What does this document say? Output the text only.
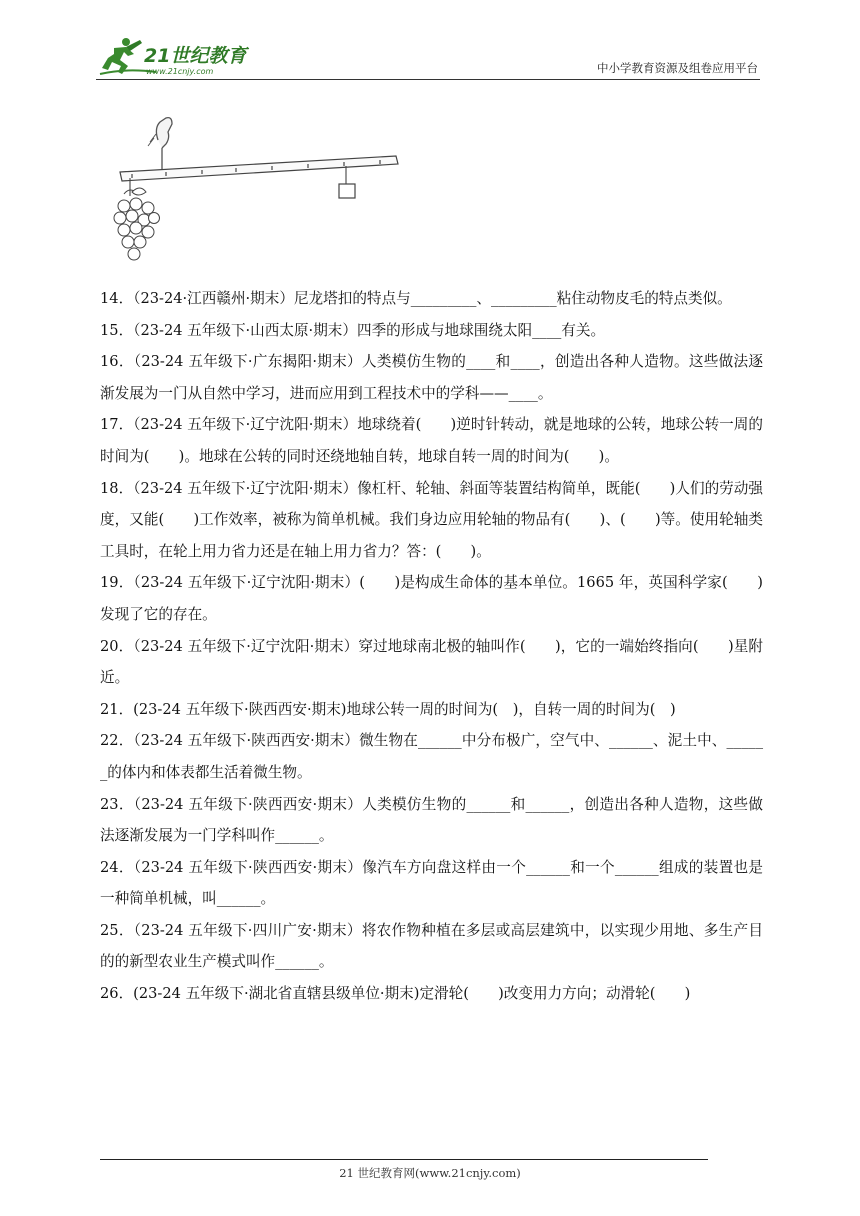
21世纪教育
www.21cnjy.com	中小学教育资源及组卷应用平台

14．（23-24·江西赣州·期末）尼龙塔扣的特点与_________、_________粘住动物皮毛的特点类似。

15．（23-24 五年级下·山西太原·期末）四季的形成与地球围绕太阳____有关。

16．（23-24 五年级下·广东揭阳·期末）人类模仿生物的____和____，创造出各种人造物。这些做法逐渐发展为一门从自然中学习，进而应用到工程技术中的学科——____。

17．（23-24 五年级下·辽宁沈阳·期末）地球绕着(　　)逆时针转动，就是地球的公转，地球公转一周的时间为(　　)。地球在公转的同时还绕地轴自转，地球自转一周的时间为(　　)。

18．（23-24 五年级下·辽宁沈阳·期末）像杠杆、轮轴、斜面等装置结构简单，既能(　　)人们的劳动强度，又能(　　)工作效率，被称为简单机械。我们身边应用轮轴的物品有(　　)、(　　)等。使用轮轴类工具时，在轮上用力省力还是在轴上用力省力？答：(　　)。

19．（23-24 五年级下·辽宁沈阳·期末）(　　)是构成生命体的基本单位。1665 年，英国科学家(　　)发现了它的存在。

20．（23-24 五年级下·辽宁沈阳·期末）穿过地球南北极的轴叫作(　　)，它的一端始终指向(　　)星附近。

21．(23-24 五年级下·陕西西安·期末)地球公转一周的时间为(　)，自转一周的时间为(　)

22．（23-24 五年级下·陕西西安·期末）微生物在______中分布极广，空气中、______、泥土中、______的体内和体表都生活着微生物。

23．（23-24 五年级下·陕西西安·期末）人类模仿生物的______和______，创造出各种人造物，这些做法逐渐发展为一门学科叫作______。

24．（23-24 五年级下·陕西西安·期末）像汽车方向盘这样由一个______和一个______组成的装置也是一种简单机械，叫______。

25．（23-24 五年级下·四川广安·期末）将农作物种植在多层或高层建筑中，以实现少用地、多生产目的的新型农业生产模式叫作______。

26．(23-24 五年级下·湖北省直辖县级单位·期末)定滑轮(　　)改变用力方向；动滑轮(　　)

21 世纪教育网(www.21cnjy.com)
